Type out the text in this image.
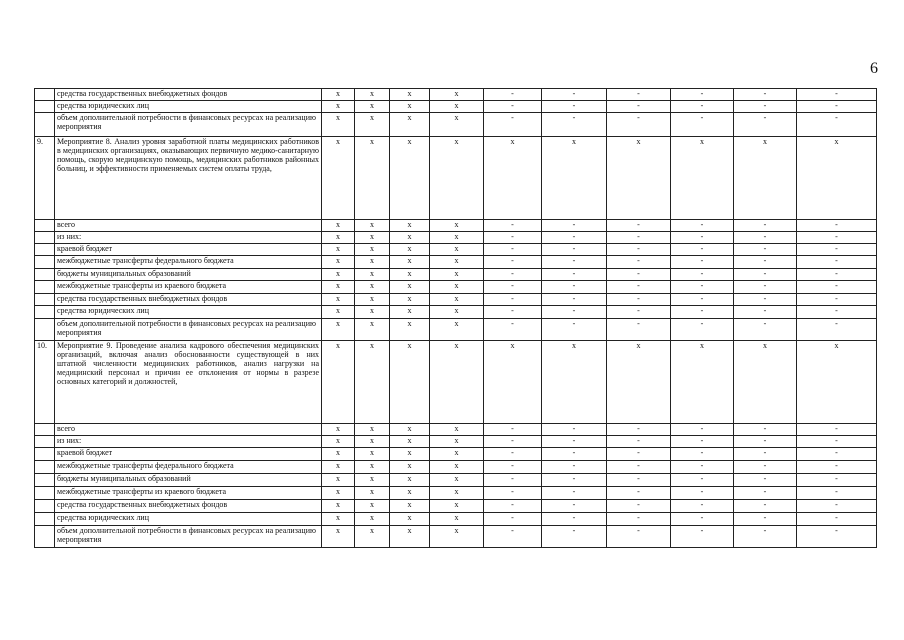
6
	средства государственных внебюджетных фондов	х	х	х	х	-	-	-	-	-	-
	средства юридических лиц	х	х	х	х	-	-	-	-	-	-
	объем дополнительной потребности в финансовых ресурсах на реализацию мероприятия	х	х	х	х	-	-	-	-	-	-
9.	Мероприятие 8. Анализ уровня заработной платы медицинских работников в медицинских организациях, оказывающих первичную медико-санитарную помощь, скорую медицинскую помощь, медицинских работников районных больниц, и эффективности применяемых систем оплаты труда,	х	х	х	х	х	х	х	х	х	х
	всего	х	х	х	х	-	-	-	-	-	-
	из них:	х	х	х	х	-	-	-	-	-	-
	краевой бюджет	х	х	х	х	-	-	-	-	-	-
	межбюджетные трансферты федерального бюджета	х	х	х	х	-	-	-	-	-	-
	бюджеты муниципальных образований	х	х	х	х	-	-	-	-	-	-
	межбюджетные трансферты из краевого бюджета	х	х	х	х	-	-	-	-	-	-
	средства государственных внебюджетных фондов	х	х	х	х	-	-	-	-	-	-
	средства юридических лиц	х	х	х	х	-	-	-	-	-	-
	объем дополнительной потребности в финансовых ресурсах на реализацию мероприятия	х	х	х	х	-	-	-	-	-	-
10.	Мероприятие 9. Проведение анализа кадрового обеспечения медицинских организаций, включая анализ обоснованности существующей в них штатной численности медицинских работников, анализ нагрузки на медицинский персонал и причин ее отклонения от нормы в разрезе основных категорий и должностей,	х	х	х	х	х	х	х	х	х	х
	всего	х	х	х	х	-	-	-	-	-	-
	из них:	х	х	х	х	-	-	-	-	-	-
	краевой бюджет	х	х	х	х	-	-	-	-	-	-
	межбюджетные трансферты федерального бюджета	х	х	х	х	-	-	-	-	-	-
	бюджеты муниципальных образований	х	х	х	х	-	-	-	-	-	-
	межбюджетные трансферты из краевого бюджета	х	х	х	х	-	-	-	-	-	-
	средства государственных внебюджетных фондов	х	х	х	х	-	-	-	-	-	-
	средства юридических лиц	х	х	х	х	-	-	-	-	-	-
	объем дополнительной потребности в финансовых ресурсах на реализацию мероприятия	х	х	х	х	-	-	-	-	-	-
